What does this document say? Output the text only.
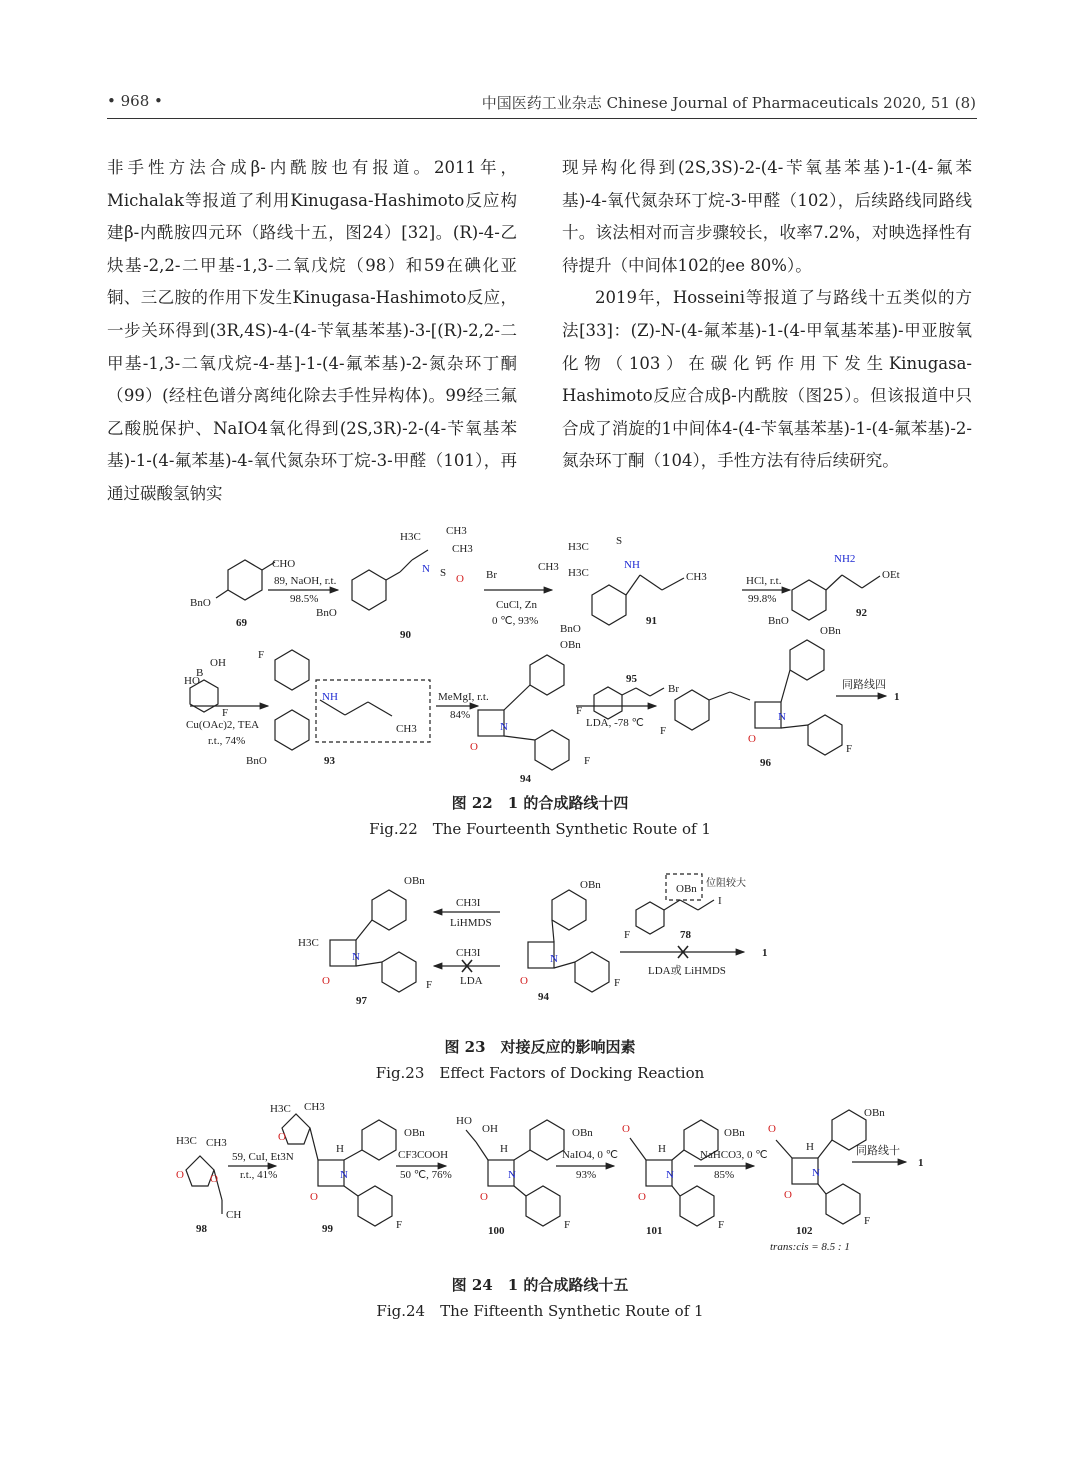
• 968 •	中国医药工业杂志 Chinese Journal of Pharmaceuticals 2020, 51 (8)

非手性方法合成β-内酰胺也有报道。2011年，Michalak等报道了利用Kinugasa-Hashimoto反应构建β-内酰胺四元环（路线十五，图24）[32]。(R)-4-乙炔基-2,2-二甲基-1,3-二氧戊烷（98）和59在碘化亚铜、三乙胺的作用下发生Kinugasa-Hashimoto反应，一步关环得到(3R,4S)-4-(4-苄氧基苯基)-3-[(R)-2,2-二甲基-1,3-二氧戊烷-4-基]-1-(4-氟苯基)-2-氮杂环丁酮（99）(经柱色谱分离纯化除去手性异构体)。99经三氟乙酸脱保护、NaIO4氧化得到(2S,3R)-2-(4-苄氧基苯基)-1-(4-氟苯基)-4-氧代氮杂环丁烷-3-甲醛（101），再通过碳酸氢钠实

现异构化得到(2S,3S)-2-(4-苄氧基苯基)-1-(4-氟苯基)-4-氧代氮杂环丁烷-3-甲醛（102），后续路线同路线十。该法相对而言步骤较长，收率7.2%，对映选择性有待提升（中间体102的ee 80%）。

2019年，Hosseini等报道了与路线十五类似的方法[33]：(Z)-N-(4-氟苯基)-1-(4-甲氧基苯基)-甲亚胺氧化物（103）在碳化钙作用下发生Kinugasa-Hashimoto反应合成β-内酰胺（图25）。但该报道中只合成了消旋的1中间体4-(4-苄氧基苯基)-1-(4-氟苯基)-2-氮杂环丁酮（104），手性方法有待后续研究。

CHO
BnO
69
89, NaOH, r.t.
98.5%
H3C CH3
CH3
N S O
BnO
90
Br
CH3
CuCl, Zn
0 ℃, 93%
H3C
H3C
S
NH
CH3
BnO
91
HCl, r.t.
99.8%
NH2
OEt
BnO
92
OH
HO
B
F
Cu(OAc)2, TEA
r.t., 74%
F
NH
CH3
BnO	93
MeMgI, r.t.
84%
OBn
N
O
F
94
F
Br
95
LDA, -78 ℃
F
OBn
N
O
F
96
同路线四
1
图 22　1 的合成路线十四
Fig.22　The Fourteenth Synthetic Route of 1
OBn
H3C
N
O	F
97
CH3I
LiHMDS
CH3I
LDA
OBn
N
O	F
94
OBn 位阻较大
I
F	78
LDA或 LiHMDS
1
图 23　对接反应的影响因素
Fig.23　Effect Factors of Docking Reaction
H3C CH3
O O
CH
98
59, CuI, Et3N
r.t., 41%
H3C CH3
O
H
OBn
N
O
F
99
CF3COOH
50 ℃, 76%
HO
OH
H
OBn
N
O
F
100
NaIO4, 0 ℃
93%
O
H
OBn
N
O
F
101
NaHCO3, 0 ℃
85%
O
H
OBn
N
O
F
102
trans:cis = 8.5 : 1
同路线十
1
图 24　1 的合成路线十五
Fig.24　The Fifteenth Synthetic Route of 1
